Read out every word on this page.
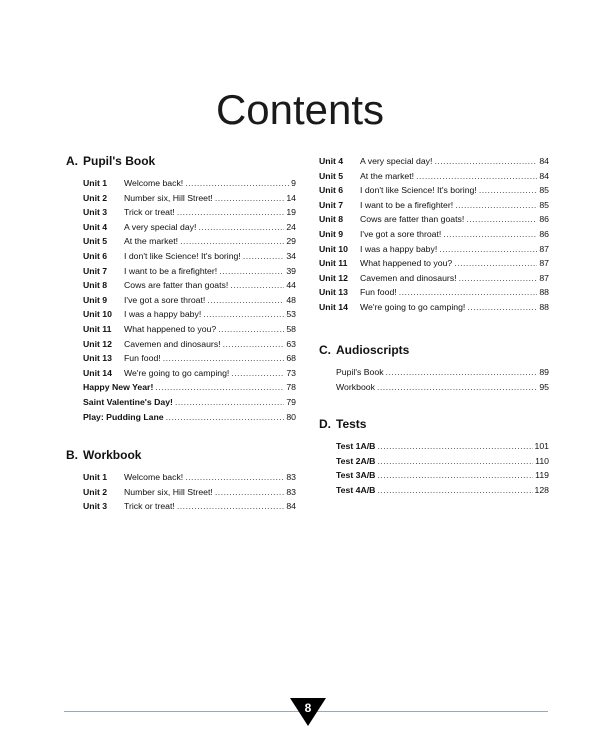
Contents
A. Pupil's Book
Unit 1	Welcome back! .....	9
Unit 2	Number six, Hill Street! .....	14
Unit 3	Trick or treat! .....	19
Unit 4	A very special day! .....	24
Unit 5	At the market! .....	29
Unit 6	I don't like Science! It's boring! .....	34
Unit 7	I want to be a firefighter! .....	39
Unit 8	Cows are fatter than goats! .....	44
Unit 9	I've got a sore throat! .....	48
Unit 10	I was a happy baby! .....	53
Unit 11	What happened to you? .....	58
Unit 12	Cavemen and dinosaurs! .....	63
Unit 13	Fun food! .....	68
Unit 14	We're going to go camping! .....	73
Happy New Year! .....	78
Saint Valentine's Day! .....	79
Play: Pudding Lane .....	80
B. Workbook
Unit 1	Welcome back! .....	83
Unit 2	Number six, Hill Street! .....	83
Unit 3	Trick or treat! .....	84
Unit 4	A very special day! .....	84
Unit 5	At the market! .....	84
Unit 6	I don't like Science! It's boring! .....	85
Unit 7	I want to be a firefighter! .....	85
Unit 8	Cows are fatter than goats! .....	86
Unit 9	I've got a sore throat! .....	86
Unit 10	I was a happy baby! .....	87
Unit 11	What happened to you? .....	87
Unit 12	Cavemen and dinosaurs! .....	87
Unit 13	Fun food! .....	88
Unit 14	We're going to go camping! .....	88
C. Audioscripts
Pupil's Book .....	89
Workbook .....	95
D. Tests
Test 1A/B .....	101
Test 2A/B .....	110
Test 3A/B .....	119
Test 4A/B .....	128
8
